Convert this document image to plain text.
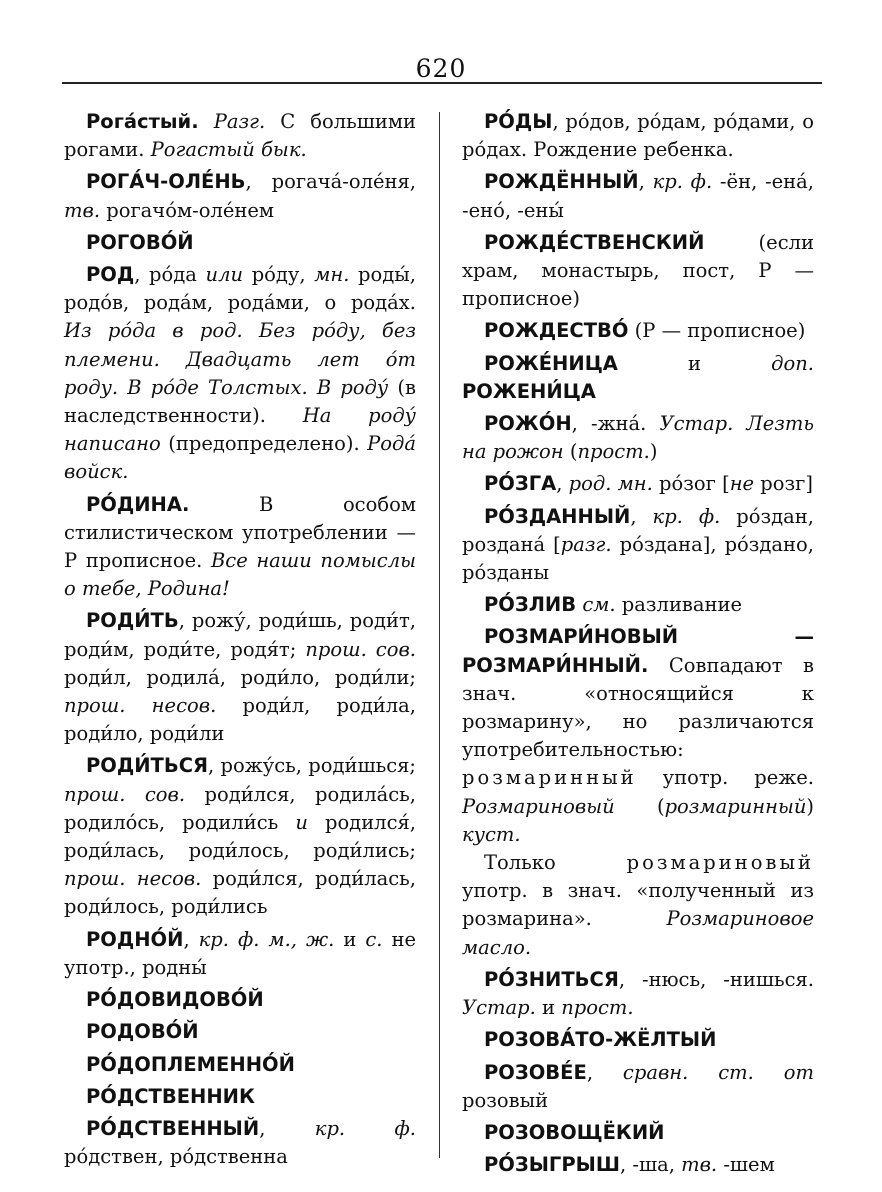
620

Рога́стый. Разг. С большими рогами. Рогастый бык.

РОГА́Ч-ОЛЕ́НЬ, рогача́-оле́ня, тв. рогачо́м-оле́нем

РОГОВО́Й

РОД, ро́да или ро́ду, мн. роды́, родо́в, рода́м, рода́ми, о рода́х. Из ро́да в род. Без ро́ду, без племени. Двадцать лет о́т роду. В ро́де Толстых. В роду́ (в наследственности). На роду́ написано (предопределено). Рода́ войск.

РО́ДИНА. В особом стилистическом употреблении — Р прописное. Все наши помыслы о тебе, Родина!

РОДИ́ТЬ, рожу́, роди́шь, роди́т, роди́м, роди́те, родя́т; прош. сов. роди́л, родила́, роди́ло, роди́ли; прош. несов. роди́л, роди́ла, роди́ло, роди́ли

РОДИ́ТЬСЯ, рожу́сь, роди́шься; прош. сов. роди́лся, родила́сь, родило́сь, родили́сь и родился́, роди́лась, роди́лось, роди́лись; прош. несов. роди́лся, роди́лась, роди́лось, роди́лись

РОДНО́Й, кр. ф. м., ж. и с. не употр., родны́

РО́ДОВИДОВО́Й

РОДОВО́Й

РО́ДОПЛЕМЕННО́Й

РО́ДСТВЕННИК

РО́ДСТВЕННЫЙ, кр. ф. ро́дствен, ро́дственна

РО́ДЫ, ро́дов, ро́дам, ро́дами, о ро́дах. Рождение ребенка.

РОЖДЁННЫЙ, кр. ф. -ён, -ена́, -ено́, -ены́

РОЖДЕ́СТВЕНСКИЙ (если храм, монастырь, пост, Р — прописное)

РОЖДЕСТВО́ (Р — прописное)

РОЖЕ́НИЦА и доп. РОЖЕНИ́ЦА

РОЖО́Н, -жна́. Устар. Лезть на рожон (прост.)

РО́ЗГА, род. мн. ро́зог [не розг]

РО́ЗДАННЫЙ, кр. ф. ро́здан, роздана́ [разг. ро́здана], ро́здано, ро́зданы

РО́ЗЛИВ см. разливание

РОЗМАРИ́НОВЫЙ — РОЗМАРИ́ННЫЙ. Совпадают в знач. «относящийся к розмарину», но различаются употребительностью: розмаринный употр. реже. Розмариновый (розмаринный) куст.

Только розмариновый употр. в знач. «полученный из розмарина». Розмариновое масло.

РО́ЗНИТЬСЯ, -нюсь, -нишься. Устар. и прост.

РОЗОВА́ТО-ЖЁЛТЫЙ

РОЗОВЕ́Е, сравн. ст. от розовый

РОЗОВОЩЁКИЙ

РО́ЗЫГРЫШ, -ша, тв. -шем
